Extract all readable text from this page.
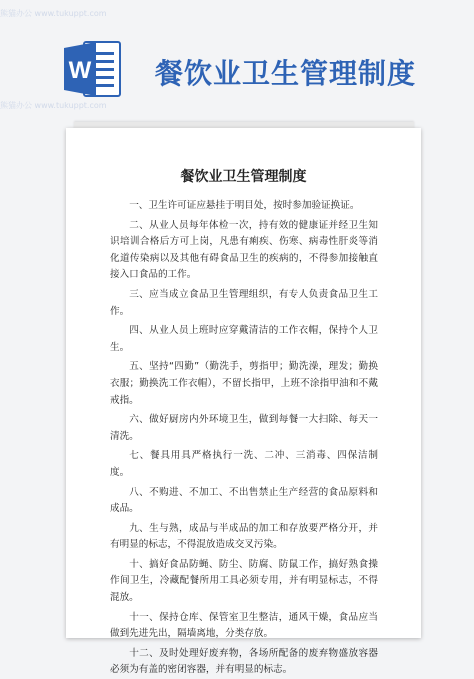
熊猫办公 www.tukuppt.com
熊猫办公 www.tukuppt.com
W 餐饮业卫生管理制度
餐饮业卫生管理制度

一、卫生许可证应悬挂于明目处，按时参加验证换证。

二、从业人员每年体检一次，持有效的健康证并经卫生知识培训合格后方可上岗，凡患有痢疾、伤寒、病毒性肝炎等消化道传染病以及其他有碍食品卫生的疾病的，不得参加接触直接入口食品的工作。

三、应当成立食品卫生管理组织，有专人负责食品卫生工作。

四、从业人员上班时应穿戴清洁的工作衣帽，保持个人卫生。

五、坚持“四勤”（勤洗手，剪指甲；勤洗澡，理发；勤换衣服；勤换洗工作衣帽），不留长指甲，上班不涂指甲油和不戴戒指。

六、做好厨房内外环境卫生，做到每餐一大扫除、每天一清洗。

七、餐具用具严格执行一洗、二冲、三消毒、四保洁制度。

八、不购进、不加工、不出售禁止生产经营的食品原料和成品。

九、生与熟，成品与半成品的加工和存放要严格分开，并有明显的标志，不得混放造成交叉污染。

十、搞好食品防蝇、防尘、防腐、防鼠工作，搞好熟食操作间卫生，冷藏配餐所用工具必须专用，并有明显标志，不得混放。

十一、保持仓库、保管室卫生整洁，通风干燥，食品应当做到先进先出，隔墙离地，分类存放。

十二、及时处理好废弃物，各场所配备的废弃物盛放容器必须为有盖的密闭容器，并有明显的标志。
